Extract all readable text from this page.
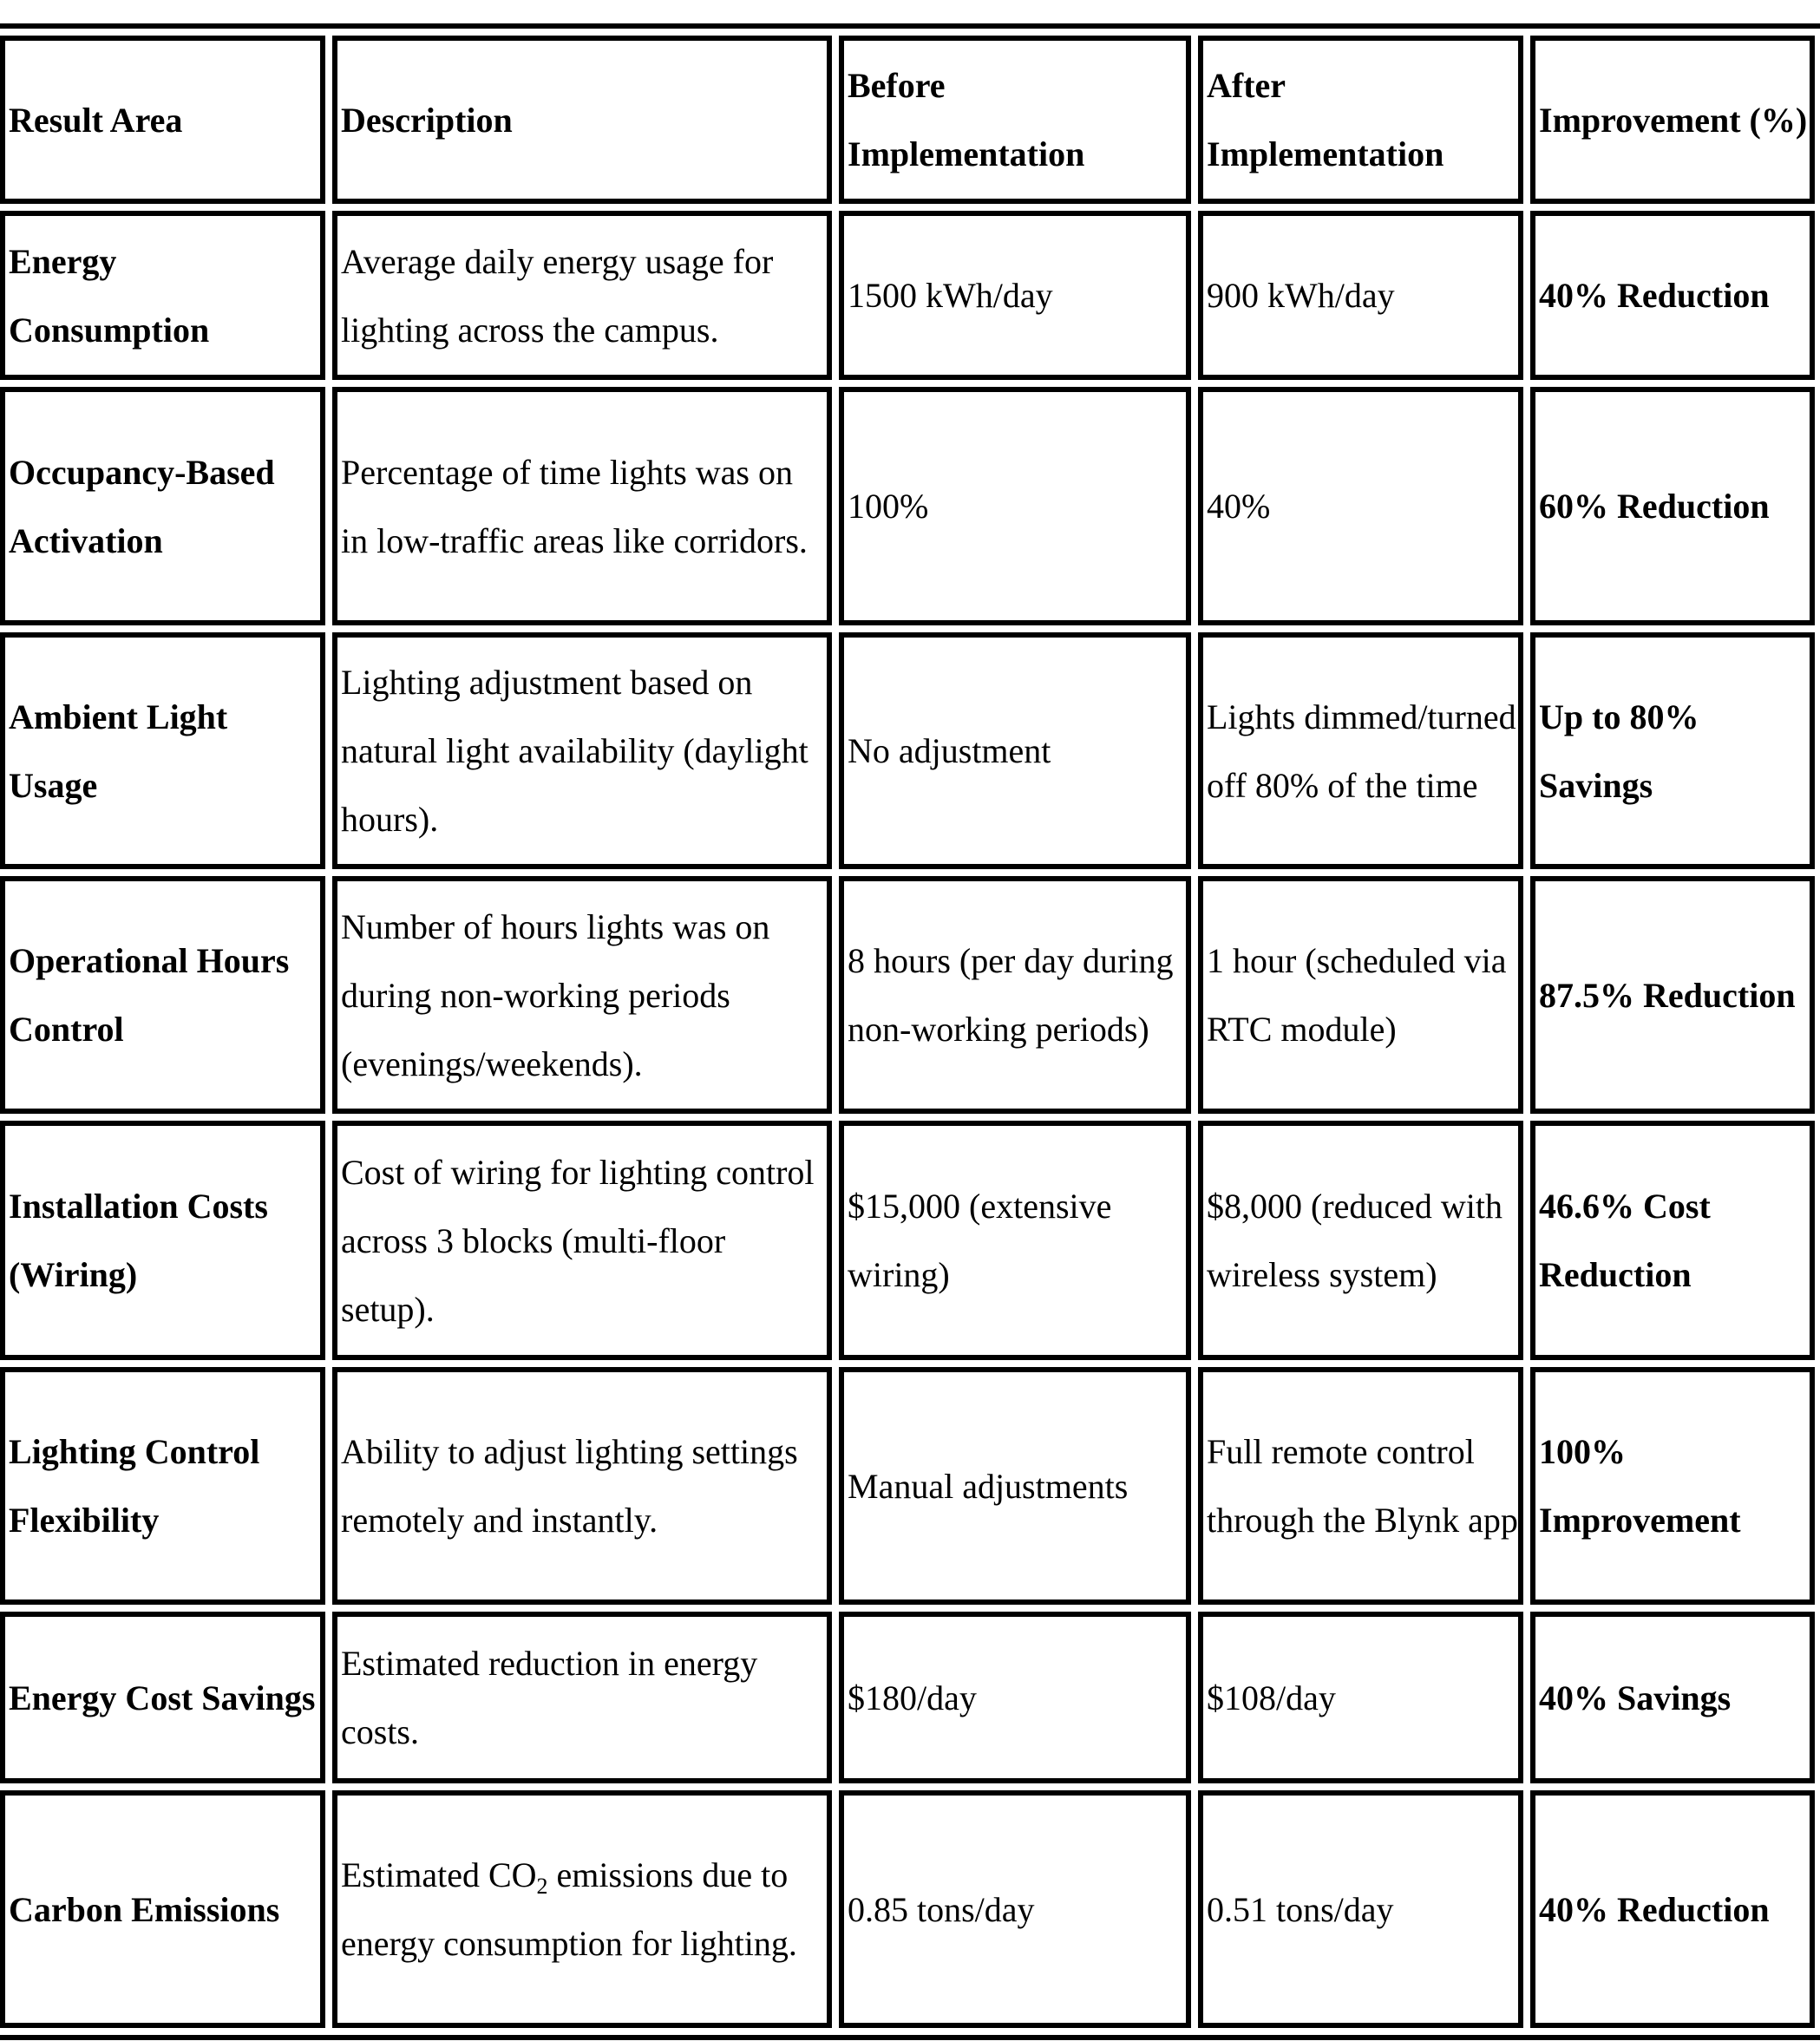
Result Area	Description	Before Implementation	After Implementation	Improvement (%)
Energy Consumption	Average daily energy usage for lighting across the campus.	1500 kWh/day	900 kWh/day	40% Reduction
Occupancy-Based Activation	Percentage of time lights was on in low-traffic areas like corridors.	100%	40%	60% Reduction
Ambient Light Usage	Lighting adjustment based on natural light availability (daylight hours).	No adjustment	Lights dimmed/turned off 80% of the time	Up to 80% Savings
Operational Hours Control	Number of hours lights was on during non-working periods (evenings/weekends).	8 hours (per day during non-working periods)	1 hour (scheduled via RTC module)	87.5% Reduction
Installation Costs (Wiring)	Cost of wiring for lighting control across 3 blocks (multi-floor setup).	$15,000 (extensive wiring)	$8,000 (reduced with wireless system)	46.6% Cost Reduction
Lighting Control Flexibility	Ability to adjust lighting settings remotely and instantly.	Manual adjustments	Full remote control through the Blynk app	100% Improvement
Energy Cost Savings	Estimated reduction in energy costs.	$180/day	$108/day	40% Savings
Carbon Emissions	Estimated $CO_2$ emissions due to energy consumption for lighting.	0.85 tons/day	0.51 tons/day	40% Reduction
